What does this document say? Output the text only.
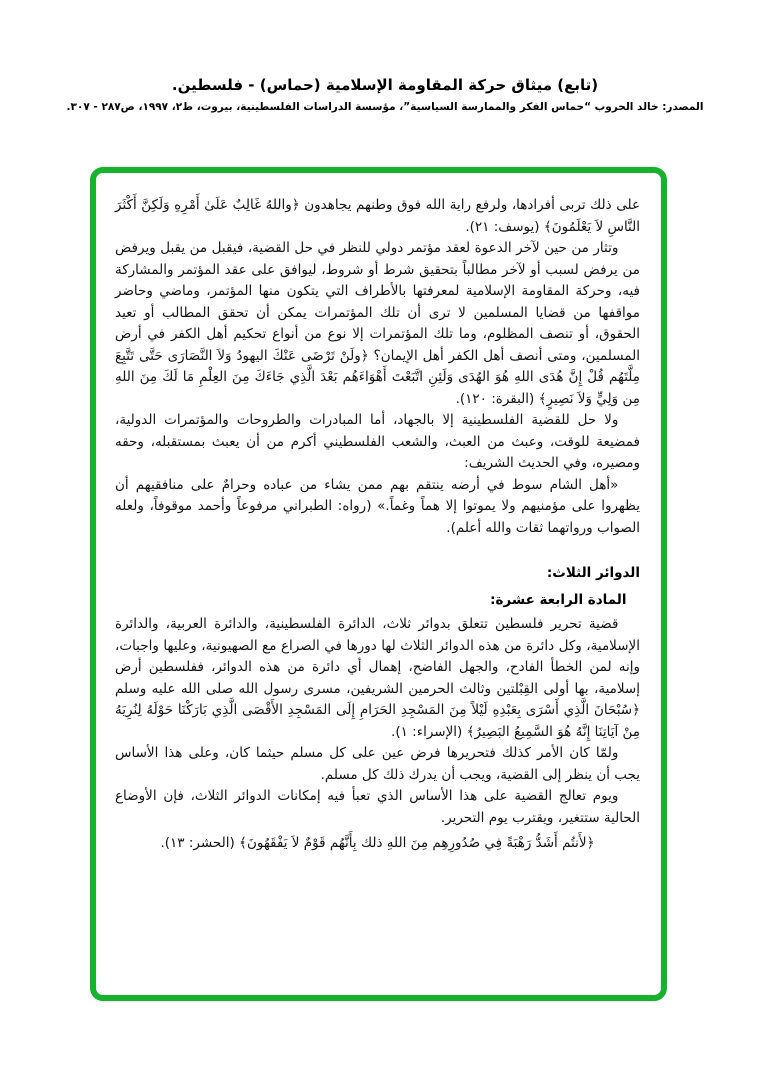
(تابع) ميثاق حركة المقاومة الإسلامية (حماس) - فلسطين.
المصدر: خالد الحروب “حماس الفكر والممارسة السياسية”، مؤسسة الدراسات الفلسطينية، بيروت، ط٢، ١٩٩٧، ص٢٨٧ - ٣٠٧.

على ذلك تربى أفرادها، ولرفع راية الله فوق وطنهم يجاهدون ﴿واللهُ غَالِبٌ عَلَىٰ أَمْرِهِ وَلَكِنَّ أَكْثَرَ النَّاسِ لاَ يَعْلَمُونَ﴾ (يوسف: ٢١).

وتثار من حين لآخر الدعوة لعقد مؤتمر دولي للنظر في حل القضية، فيقبل من يقبل ويرفض من يرفض لسبب أو لآخر مطالباً بتحقيق شرط أو شروط، ليوافق على عقد المؤتمر والمشاركة فيه، وحركة المقاومة الإسلامية لمعرفتها بالأطراف التي يتكون منها المؤتمر، وماضي وحاضر مواقفها من قضايا المسلمين لا ترى أن تلك المؤتمرات يمكن أن تحقق المطالب أو تعيد الحقوق، أو تنصف المظلوم، وما تلك المؤتمرات إلا نوع من أنواع تحكيم أهل الكفر في أرض المسلمين، ومتى أنصف أهل الكفر أهل الإيمان؟ ﴿ولَنْ تَرْضَى عَنْكَ اليهودُ وَلاَ النَّصَارَى حَتَّى تَتَّبِعَ مِلَّتَهُم قُلْ إِنَّ هُدَى اللهِ هُوَ الهُدَى وَلَئِنِ اتَّبَعْتَ أَهْوَاءَهُم بَعْدَ الَّذِي جَاءَكَ مِنَ العِلْمِ مَا لَكَ مِنَ اللهِ مِن وَلِيٍّ وَلاَ نَصِيرٍ﴾ (البقرة: ١٢٠).

ولا حل للقضية الفلسطينية إلا بالجهاد، أما المبادرات والطروحات والمؤتمرات الدولية، فمضيعة للوقت، وعبث من العبث، والشعب الفلسطيني أكرم من أن يعبث بمستقبله، وحقه ومصيره، وفي الحديث الشريف:

«أهل الشام سوط في أرضه ينتقم بهم ممن يشاء من عباده وحرامٌ على منافقيهم أن يظهروا على مؤمنيهم ولا يموتوا إلا هماً وغماً.» (رواه: الطبراني مرفوعاً وأحمد موقوفاً، ولعله الصواب ورواتهما ثقات والله أعلم).

الدوائر الثلاث:

المادة الرابعة عشرة:

قضية تحرير فلسطين تتعلق بدوائر ثلاث، الدائرة الفلسطينية، والدائرة العربية، والدائرة الإسلامية، وكل دائرة من هذه الدوائر الثلاث لها دورها في الصراع مع الصهيونية، وعليها واجبات، وإنه لمن الخطأ الفادح، والجهل الفاضح، إهمال أي دائرة من هذه الدوائر، ففلسطين أرض إسلامية، بها أولى القِبْلتين وثالث الحرمين الشريفين، مسرى رسول الله صلى الله عليه وسلم ﴿سُبْحَانَ الَّذِي أَسْرَى بِعَبْدِهِ لَيْلاً مِنَ المَسْجِدِ الحَرَامِ إِلَى المَسْجِدِ الأَقْصَى الَّذِي بَارَكْنَا حَوْلَهُ لِنُرِيَهُ مِنْ آيَاتِنَا إِنَّهُ هُوَ السَّمِيعُ البَصِيرُ﴾ (الإسراء: ١).

ولمّا كان الأمر كذلك فتحريرها فرض عين على كل مسلم حيثما كان، وعلى هذا الأساس يجب أن ينظر إلى القضية، ويجب أن يدرك ذلك كل مسلم.

ويوم تعالج القضية على هذا الأساس الذي تعبأ فيه إمكانات الدوائر الثلاث، فإن الأوضاع الحالية ستتغير، ويقترب يوم التحرير.

﴿لأَنتُم أَشَدُّ رَهْبَةً فِي صُدُورِهِم مِنَ اللهِ ذلك بِأَنَّهُم قَوْمٌ لاَ يَفْقَهُونَ﴾ (الحشر: ١٣).
